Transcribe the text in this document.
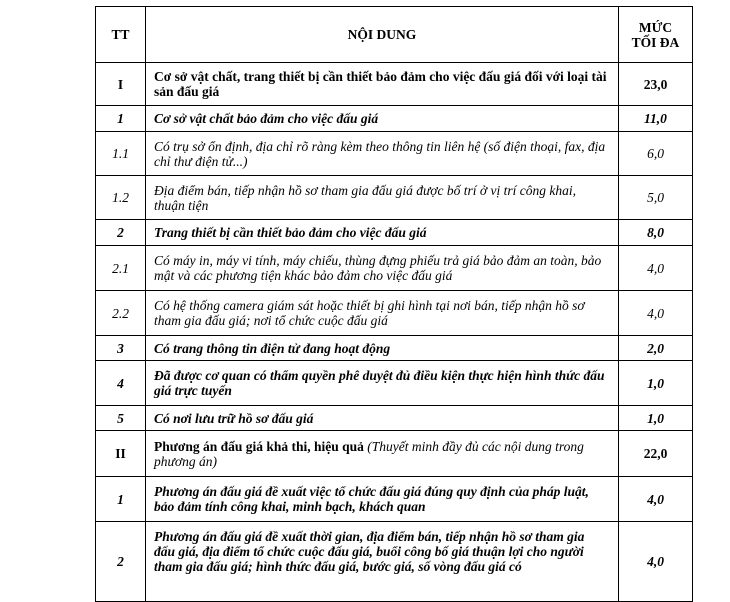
TT	NỘI DUNG	MỨC
TỐI ĐA

I	Cơ sở vật chất, trang thiết bị cần thiết bảo đảm cho việc đấu giá đối với loại tài sản đấu giá	23,0
1	Cơ sở vật chất bảo đảm cho việc đấu giá	11,0
1.1	Có trụ sở ổn định, địa chỉ rõ ràng kèm theo thông tin liên hệ (số điện thoại, fax, địa chỉ thư điện tử...)	6,0
1.2	Địa điểm bán, tiếp nhận hồ sơ tham gia đấu giá được bố trí ở vị trí công khai, thuận tiện	5,0
2	Trang thiết bị cần thiết bảo đảm cho việc đấu giá	8,0
2.1	Có máy in, máy vi tính, máy chiếu, thùng đựng phiếu trả giá bảo đảm an toàn, bảo mật và các phương tiện khác bảo đảm cho việc đấu giá	4,0
2.2	Có hệ thống camera giám sát hoặc thiết bị ghi hình tại nơi bán, tiếp nhận hồ sơ tham gia đấu giá; nơi tổ chức cuộc đấu giá	4,0
3	Có trang thông tin điện tử đang hoạt động	2,0
4	Đã được cơ quan có thẩm quyền phê duyệt đủ điều kiện thực hiện hình thức đấu giá trực tuyến	1,0
5	Có nơi lưu trữ hồ sơ đấu giá	1,0
II	Phương án đấu giá khả thi, hiệu quả (Thuyết minh đầy đủ các nội dung trong phương án)	22,0
1	Phương án đấu giá đề xuất việc tổ chức đấu giá đúng quy định của pháp luật, bảo đảm tính công khai, minh bạch, khách quan	4,0
2	Phương án đấu giá đề xuất thời gian, địa điểm bán, tiếp nhận hồ sơ tham gia đấu giá, địa điểm tổ chức cuộc đấu giá, buổi công bố giá thuận lợi cho người tham gia đấu giá; hình thức đấu giá, bước giá, số vòng đấu giá có	4,0
